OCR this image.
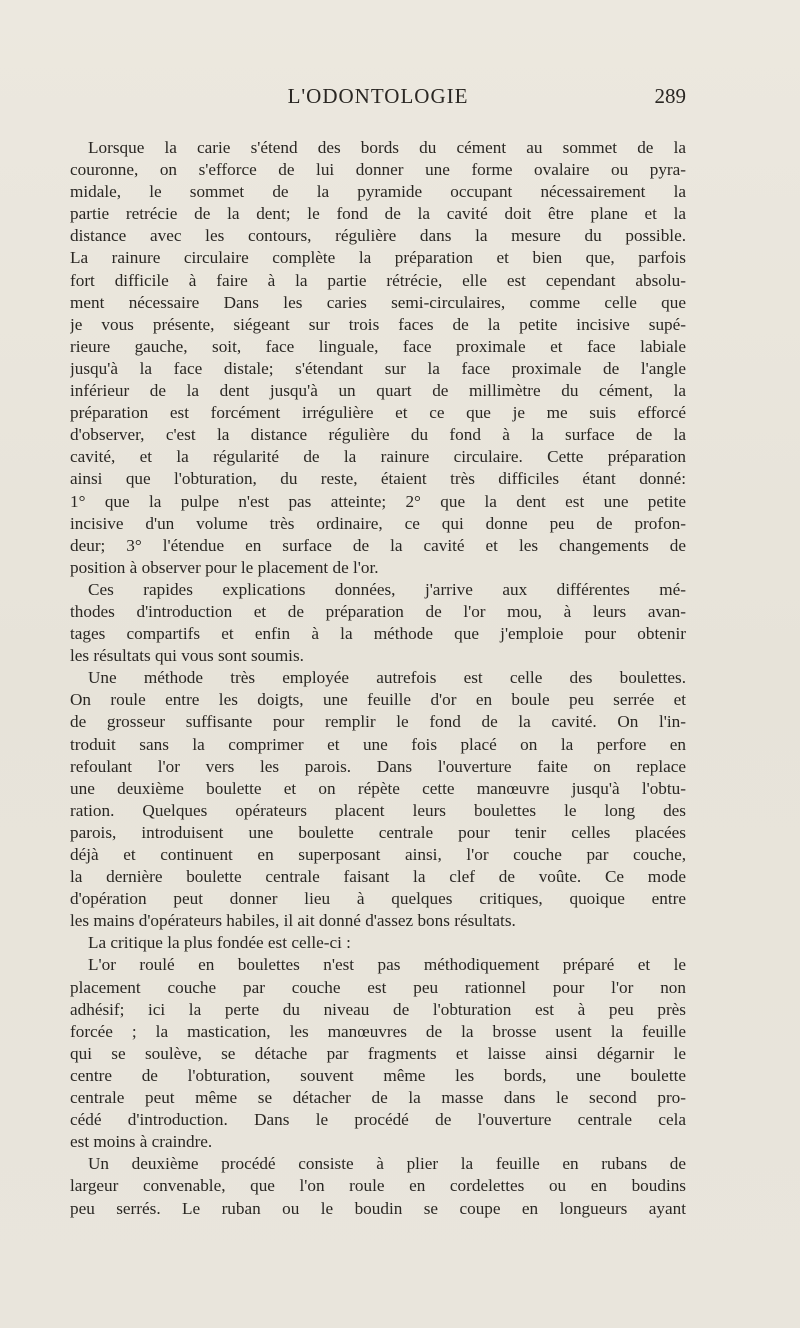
L'ODONTOLOGIE	289
Lorsque la carie s'étend des bords du cément au sommet de la
couronne, on s'efforce de lui donner une forme ovalaire ou pyra-
midale, le sommet de la pyramide occupant nécessairement la
partie retrécie de la dent; le fond de la cavité doit être plane et la
distance avec les contours, régulière dans la mesure du possible.
La rainure circulaire complète la préparation et bien que, parfois
fort difficile à faire à la partie rétrécie, elle est cependant absolu-
ment nécessaire Dans les caries semi-circulaires, comme celle que
je vous présente, siégeant sur trois faces de la petite incisive supé-
rieure gauche, soit, face linguale, face proximale et face labiale
jusqu'à la face distale; s'étendant sur la face proximale de l'angle
inférieur de la dent jusqu'à un quart de millimètre du cément, la
préparation est forcément irrégulière et ce que je me suis efforcé
d'observer, c'est la distance régulière du fond à la surface de la
cavité, et la régularité de la rainure circulaire. Cette préparation
ainsi que l'obturation, du reste, étaient très difficiles étant donné:
1° que la pulpe n'est pas atteinte; 2° que la dent est une petite
incisive d'un volume très ordinaire, ce qui donne peu de profon-
deur; 3° l'étendue en surface de la cavité et les changements de
position à observer pour le placement de l'or.
Ces rapides explications données, j'arrive aux différentes mé-
thodes d'introduction et de préparation de l'or mou, à leurs avan-
tages compartifs et enfin à la méthode que j'emploie pour obtenir
les résultats qui vous sont soumis.
Une méthode très employée autrefois est celle des boulettes.
On roule entre les doigts, une feuille d'or en boule peu serrée et
de grosseur suffisante pour remplir le fond de la cavité. On l'in-
troduit sans la comprimer et une fois placé on la perfore en
refoulant l'or vers les parois. Dans l'ouverture faite on replace
une deuxième boulette et on répète cette manœuvre jusqu'à l'obtu-
ration. Quelques opérateurs placent leurs boulettes le long des
parois, introduisent une boulette centrale pour tenir celles placées
déjà et continuent en superposant ainsi, l'or couche par couche,
la dernière boulette centrale faisant la clef de voûte. Ce mode
d'opération peut donner lieu à quelques critiques, quoique entre
les mains d'opérateurs habiles, il ait donné d'assez bons résultats.
La critique la plus fondée est celle-ci :
L'or roulé en boulettes n'est pas méthodiquement préparé et le
placement couche par couche est peu rationnel pour l'or non
adhésif; ici la perte du niveau de l'obturation est à peu près
forcée ; la mastication, les manœuvres de la brosse usent la feuille
qui se soulève, se détache par fragments et laisse ainsi dégarnir le
centre de l'obturation, souvent même les bords, une boulette
centrale peut même se détacher de la masse dans le second pro-
cédé d'introduction. Dans le procédé de l'ouverture centrale cela
est moins à craindre.
Un deuxième procédé consiste à plier la feuille en rubans de
largeur convenable, que l'on roule en cordelettes ou en boudins
peu serrés. Le ruban ou le boudin se coupe en longueurs ayant
